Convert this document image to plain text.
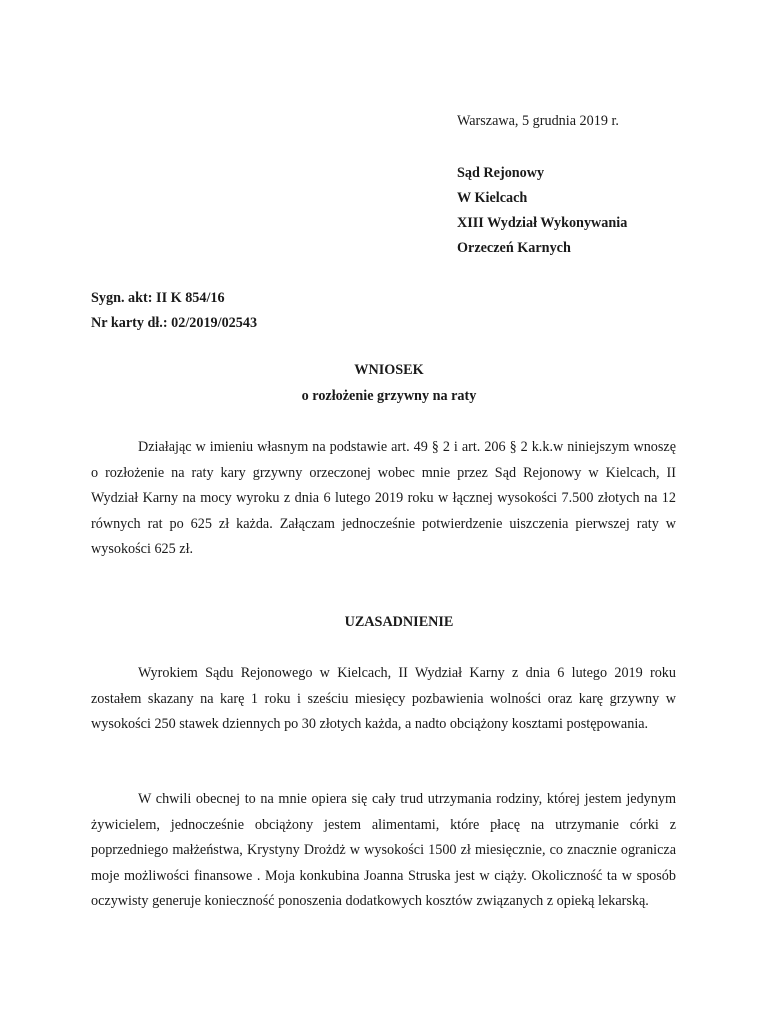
Warszawa, 5 grudnia 2019 r.
Sąd Rejonowy
W Kielcach
XIII Wydział Wykonywania
Orzeczeń Karnych
Sygn. akt: II K 854/16
Nr karty dł.: 02/2019/02543
WNIOSEK
o rozłożenie grzywny na raty
Działając w imieniu własnym na podstawie art. 49 § 2 i art. 206 § 2 k.k.w niniejszym wnoszę o rozłożenie na raty kary grzywny orzeczonej wobec mnie przez Sąd Rejonowy w Kielcach, II Wydział Karny na mocy wyroku z dnia 6 lutego 2019 roku w łącznej wysokości 7.500 złotych na 12 równych rat po 625 zł każda. Załączam jednocześnie potwierdzenie uiszczenia pierwszej raty w wysokości 625 zł.
UZASADNIENIE
Wyrokiem Sądu Rejonowego w Kielcach, II Wydział Karny z dnia 6 lutego 2019 roku zostałem skazany na karę 1 roku i sześciu miesięcy pozbawienia wolności oraz karę grzywny w wysokości 250 stawek dziennych po 30 złotych każda, a nadto obciążony kosztami postępowania.
W chwili obecnej to na mnie opiera się cały trud utrzymania rodziny, której jestem jedynym żywicielem, jednocześnie obciążony jestem alimentami, które płacę na utrzymanie córki z poprzedniego małżeństwa, Krystyny Drożdż w wysokości 1500 zł miesięcznie, co znacznie ogranicza moje możliwości finansowe . Moja konkubina Joanna Struska jest w ciąży. Okoliczność ta w sposób oczywisty generuje konieczność ponoszenia dodatkowych kosztów związanych z opieką lekarską.
